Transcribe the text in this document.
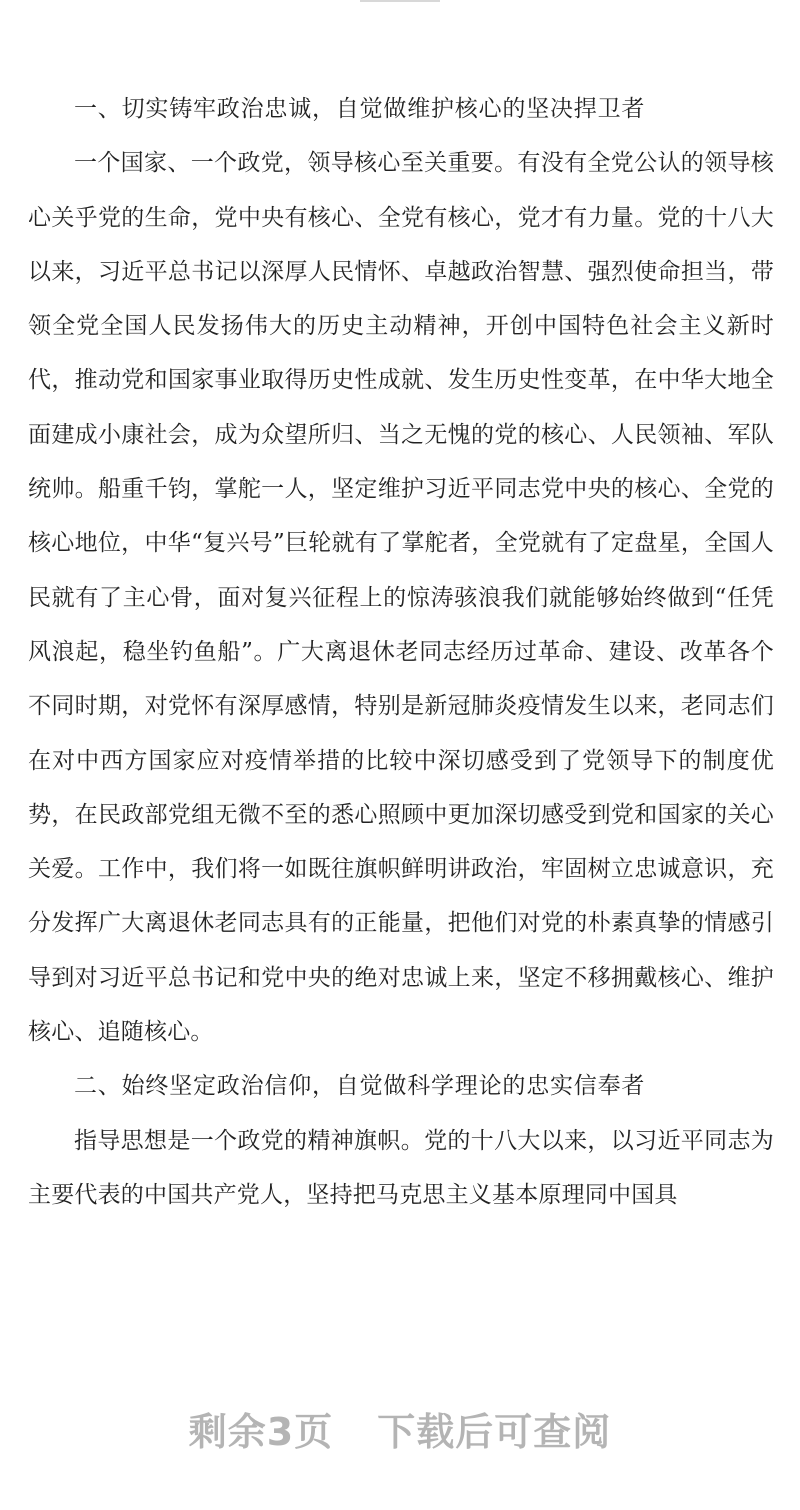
一、切实铸牢政治忠诚，自觉做维护核心的坚决捍卫者

一个国家、一个政党，领导核心至关重要。有没有全党公认的领导核心关乎党的生命，党中央有核心、全党有核心，党才有力量。党的十八大以来，习近平总书记以深厚人民情怀、卓越政治智慧、强烈使命担当，带领全党全国人民发扬伟大的历史主动精神，开创中国特色社会主义新时代，推动党和国家事业取得历史性成就、发生历史性变革，在中华大地全面建成小康社会，成为众望所归、当之无愧的党的核心、人民领袖、军队统帅。船重千钧，掌舵一人，坚定维护习近平同志党中央的核心、全党的核心地位，中华“复兴号”巨轮就有了掌舵者，全党就有了定盘星，全国人民就有了主心骨，面对复兴征程上的惊涛骇浪我们就能够始终做到“任凭风浪起，稳坐钓鱼船”。广大离退休老同志经历过革命、建设、改革各个不同时期，对党怀有深厚感情，特别是新冠肺炎疫情发生以来，老同志们在对中西方国家应对疫情举措的比较中深切感受到了党领导下的制度优势，在民政部党组无微不至的悉心照顾中更加深切感受到党和国家的关心关爱。工作中，我们将一如既往旗帜鲜明讲政治，牢固树立忠诚意识，充分发挥广大离退休老同志具有的正能量，把他们对党的朴素真挚的情感引导到对习近平总书记和党中央的绝对忠诚上来，坚定不移拥戴核心、维护核心、追随核心。

二、始终坚定政治信仰，自觉做科学理论的忠实信奉者

指导思想是一个政党的精神旗帜。党的十八大以来，以习近平同志为主要代表的中国共产党人，坚持把马克思主义基本原理同中国具

剩余3页 下载后可查阅
